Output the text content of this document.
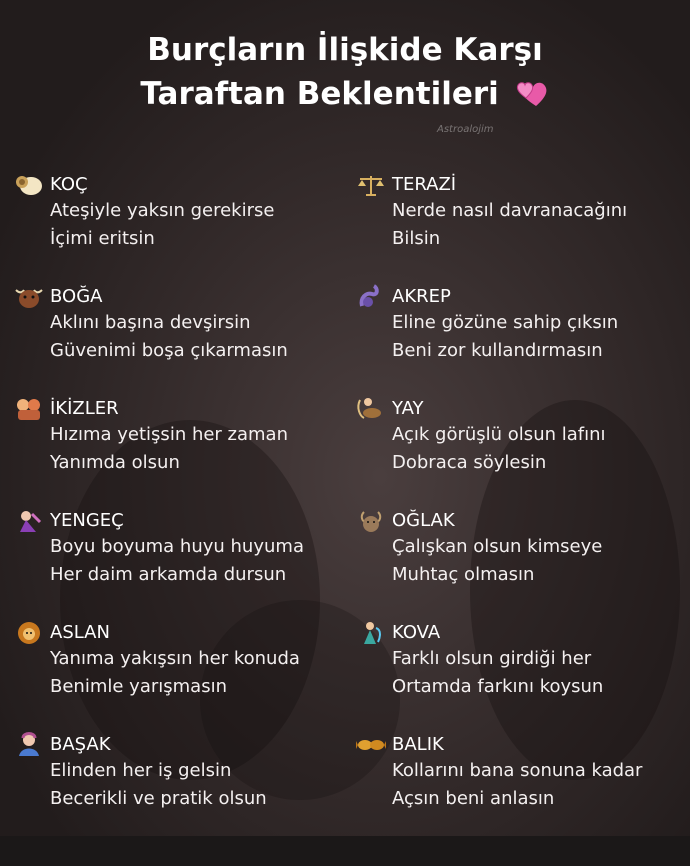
Burçların İlişkide Karşı
Taraftan Beklentileri
Astroalojim
KOÇ
Ateşiyle yaksın gerekirse
İçimi eritsin
BOĞA
Aklını başına devşirsin
Güvenimi boşa çıkarmasın
İKİZLER
Hızıma yetişsin her zaman
Yanımda olsun
YENGEÇ
Boyu boyuma huyu huyuma
Her daim arkamda dursun
ASLAN
Yanıma yakışsın her konuda
Benimle yarışmasın
BAŞAK
Elinden her iş gelsin
Becerikli ve pratik olsun
TERAZİ
Nerde nasıl davranacağını
Bilsin
AKREP
Eline gözüne sahip çıksın
Beni zor kullandırmasın
YAY
Açık görüşlü olsun lafını
Dobraca söylesin
OĞLAK
Çalışkan olsun kimseye
Muhtaç olmasın
KOVA
Farklı olsun girdiği her
Ortamda farkını koysun
BALIK
Kollarını bana sonuna kadar
Açsın beni anlasın
